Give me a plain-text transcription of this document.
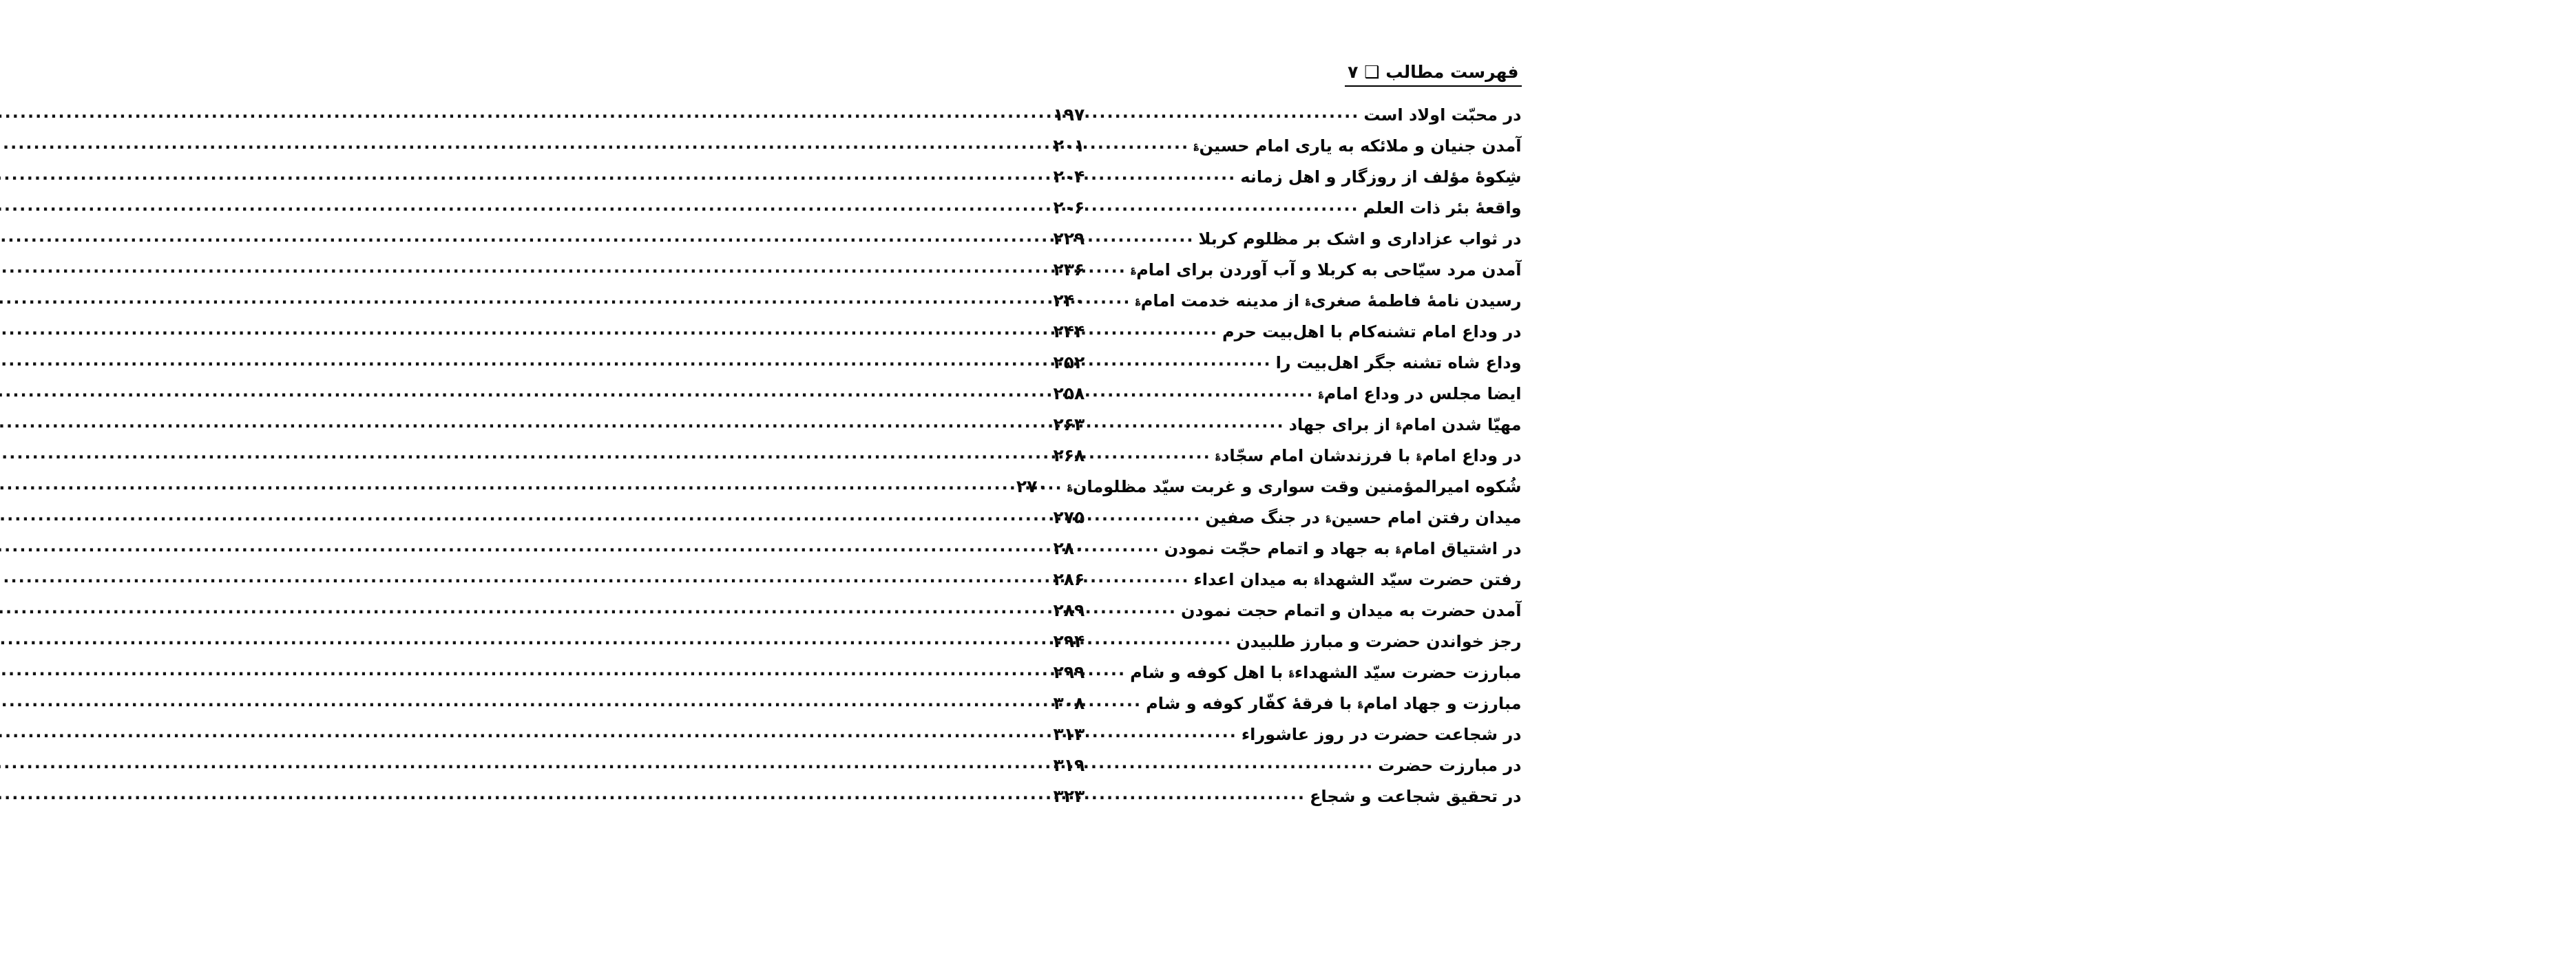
فهرست مطالب ❑ ۷
در محبّت اولاد است
.....
۱۹۷
آمدن جنیان و ملائکه به یاری امام حسین؏
.....
۲۰۱
شِکوهٔ مؤلف از روزگار و اهل زمانه
.....
۲۰۴
واقعهٔ بئر ذات العلم
.....
۲۰۶
در ثواب عزاداری و اشک بر مظلوم کربلا
.....
۲۲۹
آمدن مرد سیّاحی به کربلا و آب آوردن برای امام؏
.....
۲۳۶
رسیدن نامهٔ فاطمهٔ صغری؏ از مدینه خدمت امام؏
.....
۲۴۰
در وداع امام تشنه‌کام با اهل‌بیت حرم
.....
۲۴۴
وداع شاه تشنه جگر اهل‌بیت را
.....
۲۵۲
ایضا مجلس در وداع امام؏
.....
۲۵۸
مهیّا شدن امام؏ از برای جهاد
.....
۲۶۳
در وداع امام؏ با فرزندشان امام سجّاد؏
.....
۲۶۸
شُکوه امیرالمؤمنین وقت سواری و غربت سیّد مظلومان؏
.....
۲۷۰
میدان رفتن امام حسین؏ در جنگ صفین
.....
۲۷۵
در اشتیاق امام؏ به جهاد و اتمام حجّت نمودن
.....
۲۸۰
رفتن حضرت سیّد الشهدا؏ به میدان اعداء
.....
۲۸۶
آمدن حضرت به میدان و اتمام حجت نمودن
.....
۲۸۹
رجز خواندن حضرت و مبارز طلبیدن
.....
۲۹۴
مبارزت حضرت سیّد الشهداء؏ با اهل کوفه و شام
.....
۲۹۹
مبارزت و جهاد امام؏ با فرقهٔ کفّار کوفه و شام
.....
۳۰۸
در شجاعت حضرت در روز عاشوراء
.....
۳۱۳
در مبارزت حضرت
.....
۳۱۹
در تحقیق شجاعت و شجاع
.....
۳۲۳
